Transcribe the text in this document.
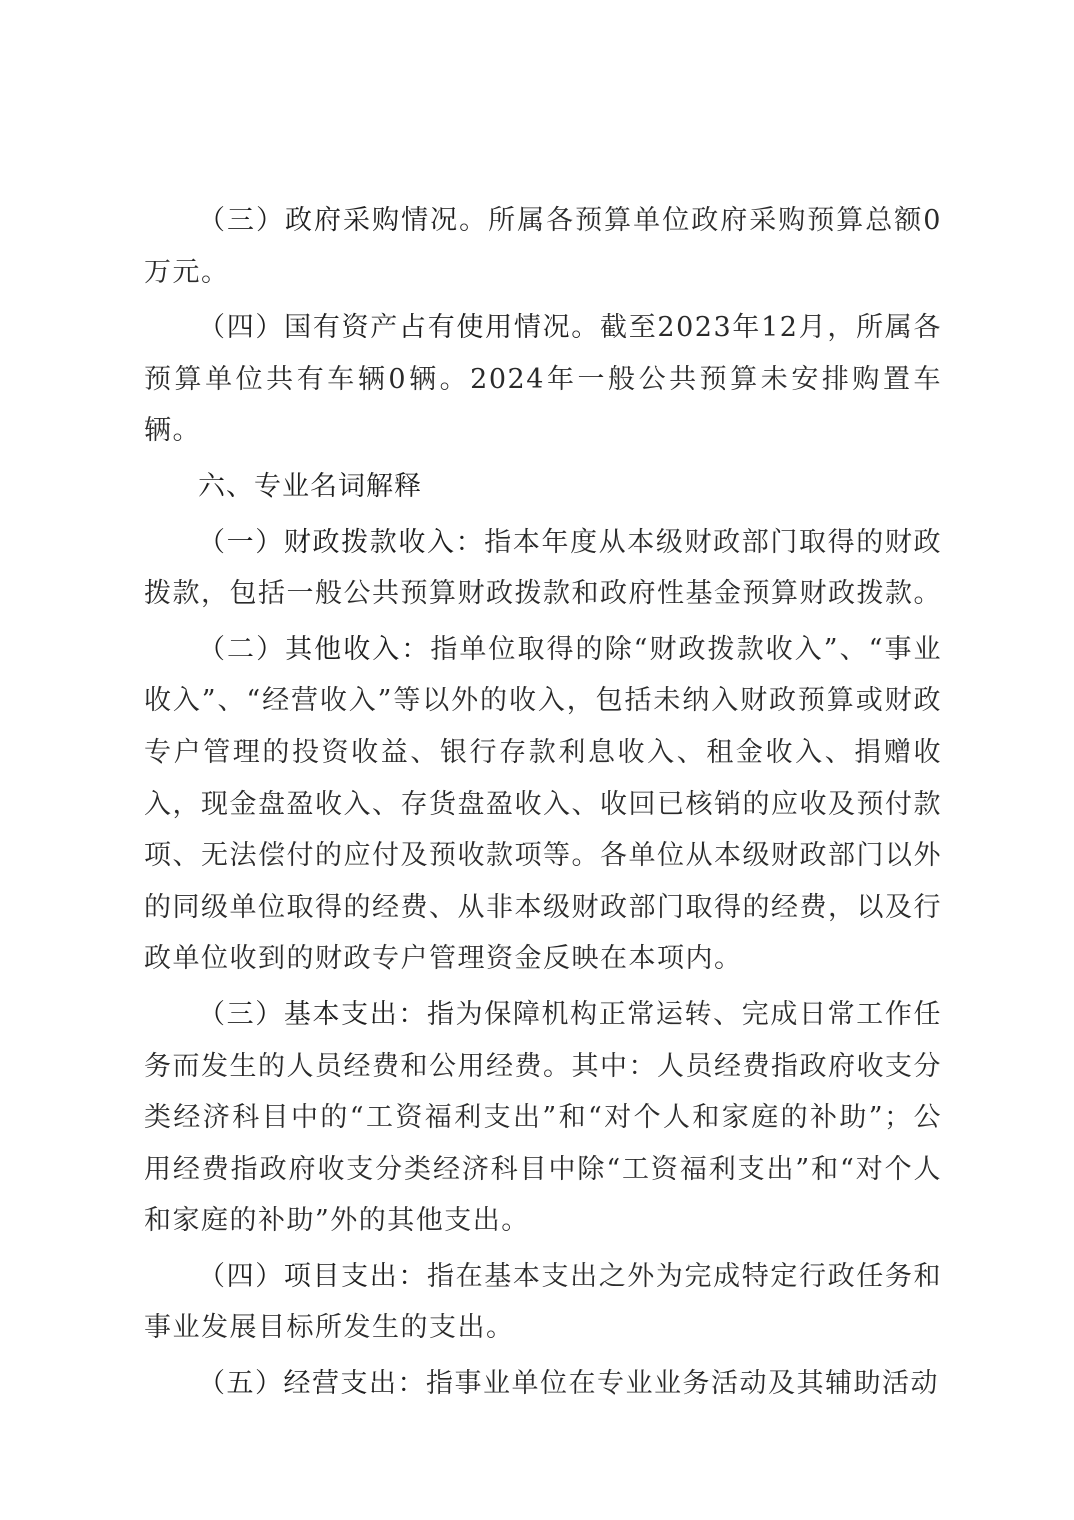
（三）政府采购情况。所属各预算单位政府采购预算总额0万元。

（四）国有资产占有使用情况。截至2023年12月，所属各预算单位共有车辆0辆。2024年一般公共预算未安排购置车辆。

六、专业名词解释

（一）财政拨款收入：指本年度从本级财政部门取得的财政拨款，包括一般公共预算财政拨款和政府性基金预算财政拨款。

（二）其他收入：指单位取得的除“财政拨款收入”、“事业收入”、“经营收入”等以外的收入，包括未纳入财政预算或财政专户管理的投资收益、银行存款利息收入、租金收入、捐赠收入，现金盘盈收入、存货盘盈收入、收回已核销的应收及预付款项、无法偿付的应付及预收款项等。各单位从本级财政部门以外的同级单位取得的经费、从非本级财政部门取得的经费，以及行政单位收到的财政专户管理资金反映在本项内。

（三）基本支出：指为保障机构正常运转、完成日常工作任务而发生的人员经费和公用经费。其中：人员经费指政府收支分类经济科目中的“工资福利支出”和“对个人和家庭的补助”；公用经费指政府收支分类经济科目中除“工资福利支出”和“对个人和家庭的补助”外的其他支出。

（四）项目支出：指在基本支出之外为完成特定行政任务和事业发展目标所发生的支出。

（五）经营支出：指事业单位在专业业务活动及其辅助活动
